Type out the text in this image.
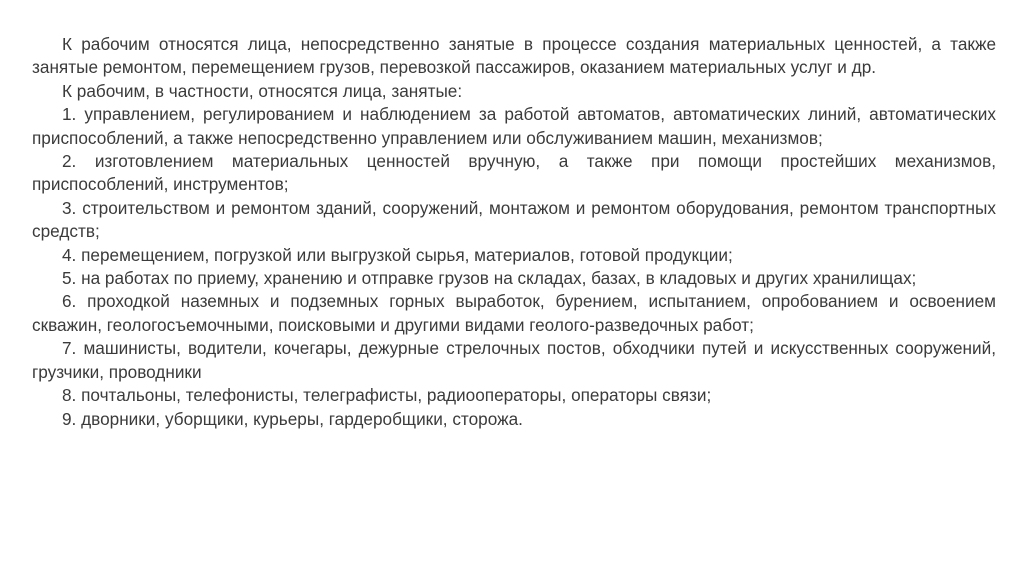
К рабочим относятся лица, непосредственно занятые в процессе создания материальных ценностей, а также занятые ремонтом, перемещением грузов, перевозкой пассажиров, оказанием материальных услуг и др.

К рабочим, в частности, относятся лица, занятые:

1. управлением, регулированием и наблюдением за работой автоматов, автоматических линий, автоматических приспособлений, а также непосредственно управлением или обслуживанием машин, механизмов;

2. изготовлением материальных ценностей вручную, а также при помощи простейших механизмов, приспособлений, инструментов;

3. строительством и ремонтом зданий, сооружений, монтажом и ремонтом оборудования, ремонтом транспортных средств;

4. перемещением, погрузкой или выгрузкой сырья, материалов, готовой продукции;

5. на работах по приему, хранению и отправке грузов на складах, базах, в кладовых и других хранилищах;

6. проходкой наземных и подземных горных выработок, бурением, испытанием, опробованием и освоением скважин, геологосъемочными, поисковыми и другими видами геолого-разведочных работ;

7. машинисты, водители, кочегары, дежурные стрелочных постов, обходчики путей и искусственных сооружений, грузчики, проводники

8. почтальоны, телефонисты, телеграфисты, радиооператоры, операторы связи;

9. дворники, уборщики, курьеры, гардеробщики, сторожа.
